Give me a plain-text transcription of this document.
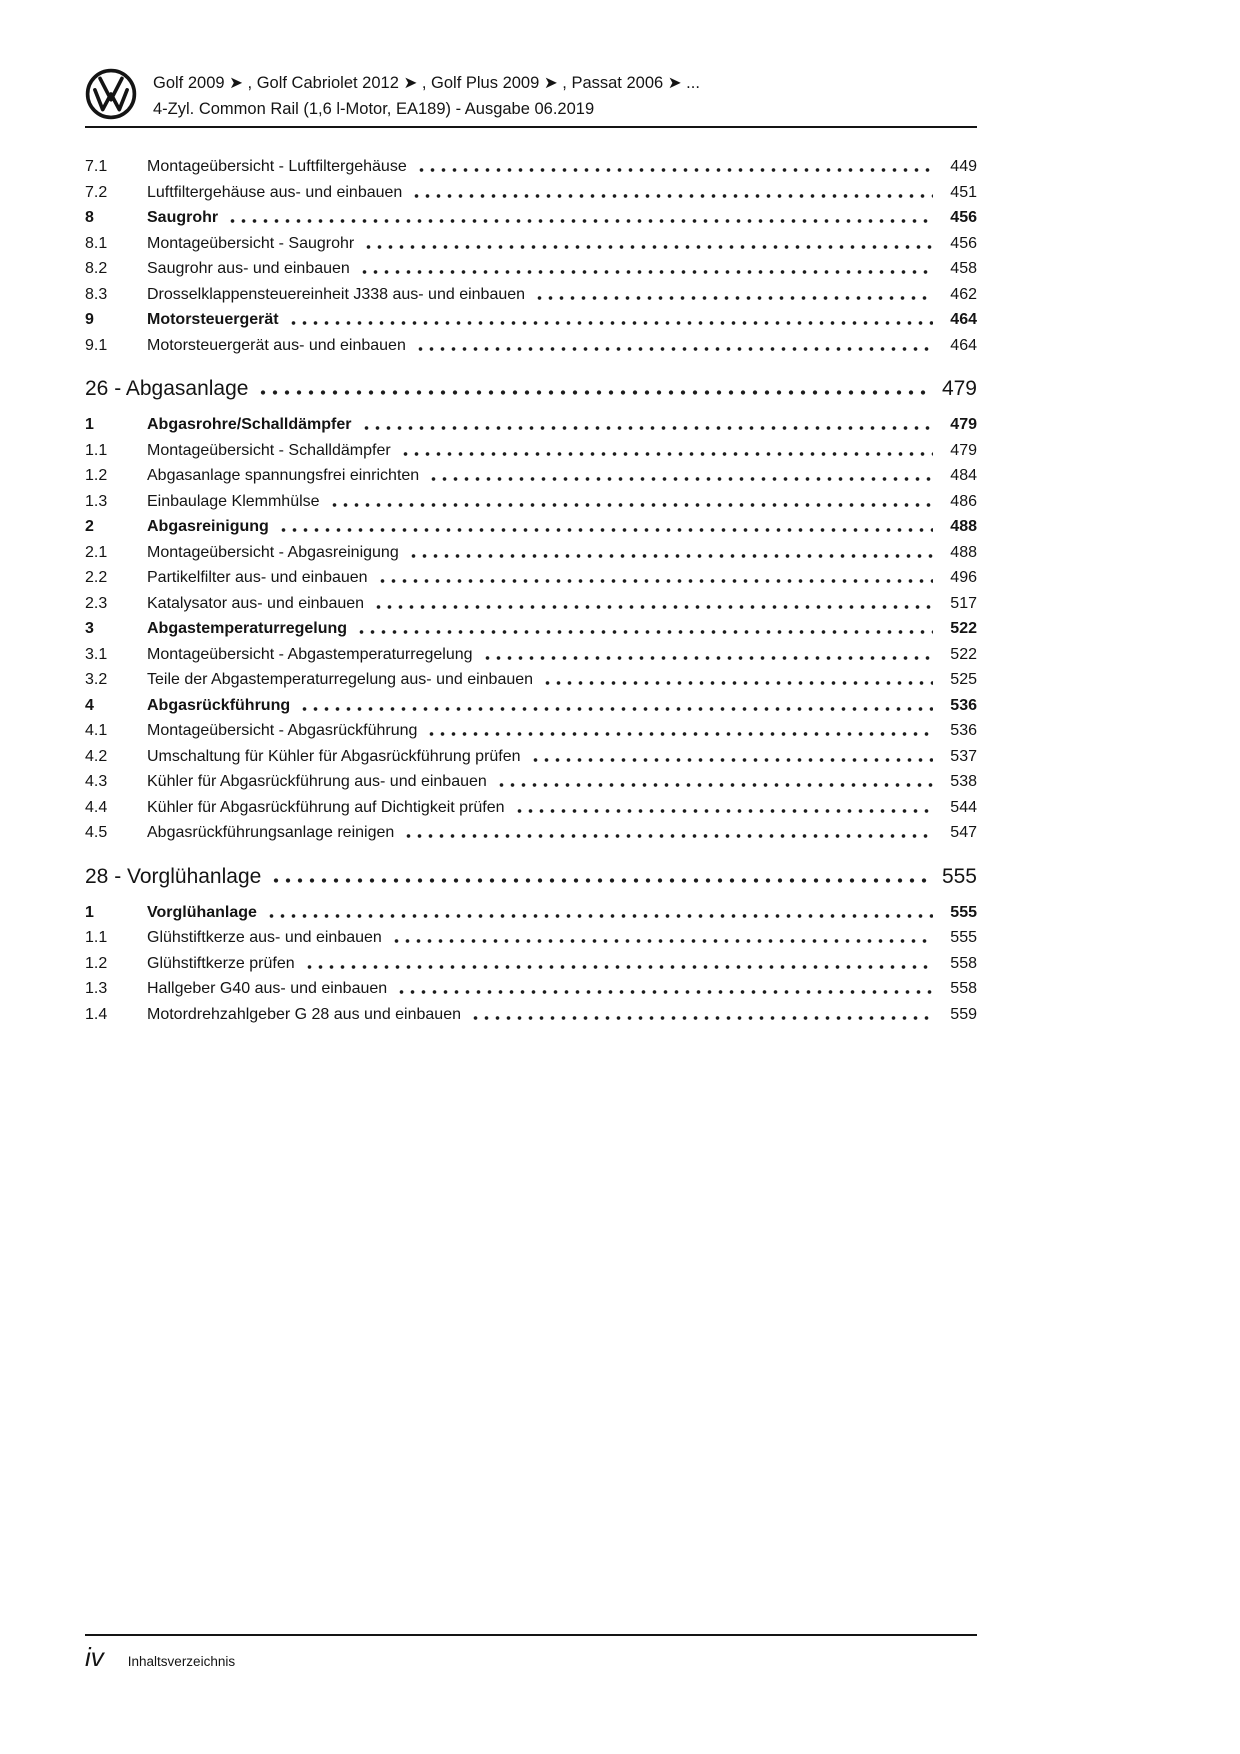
Golf 2009 ➤ , Golf Cabriolet 2012 ➤ , Golf Plus 2009 ➤ , Passat 2006 ➤ ...
4-Zyl. Common Rail (1,6 l-Motor, EA189) - Ausgabe 06.2019
7.1	Montageübersicht - Luftfiltergehäuse	449
7.2	Luftfiltergehäuse aus- und einbauen	451
8	Saugrohr	456
8.1	Montageübersicht - Saugrohr	456
8.2	Saugrohr aus- und einbauen	458
8.3	Drosselklappensteuereinheit J338 aus- und einbauen	462
9	Motorsteuergerät	464
9.1	Motorsteuergerät aus- und einbauen	464
26 - Abgasanlage	479
1	Abgasrohre/Schalldämpfer	479
1.1	Montageübersicht - Schalldämpfer	479
1.2	Abgasanlage spannungsfrei einrichten	484
1.3	Einbaulage Klemmhülse	486
2	Abgasreinigung	488
2.1	Montageübersicht - Abgasreinigung	488
2.2	Partikelfilter aus- und einbauen	496
2.3	Katalysator aus- und einbauen	517
3	Abgastemperaturregelung	522
3.1	Montageübersicht - Abgastemperaturregelung	522
3.2	Teile der Abgastemperaturregelung aus- und einbauen	525
4	Abgasrückführung	536
4.1	Montageübersicht - Abgasrückführung	536
4.2	Umschaltung für Kühler für Abgasrückführung prüfen	537
4.3	Kühler für Abgasrückführung aus- und einbauen	538
4.4	Kühler für Abgasrückführung auf Dichtigkeit prüfen	544
4.5	Abgasrückführungsanlage reinigen	547
28 - Vorglühanlage	555
1	Vorglühanlage	555
1.1	Glühstiftkerze aus- und einbauen	555
1.2	Glühstiftkerze prüfen	558
1.3	Hallgeber G40 aus- und einbauen	558
1.4	Motordrehzahlgeber G 28 aus und einbauen	559
iv Inhaltsverzeichnis
